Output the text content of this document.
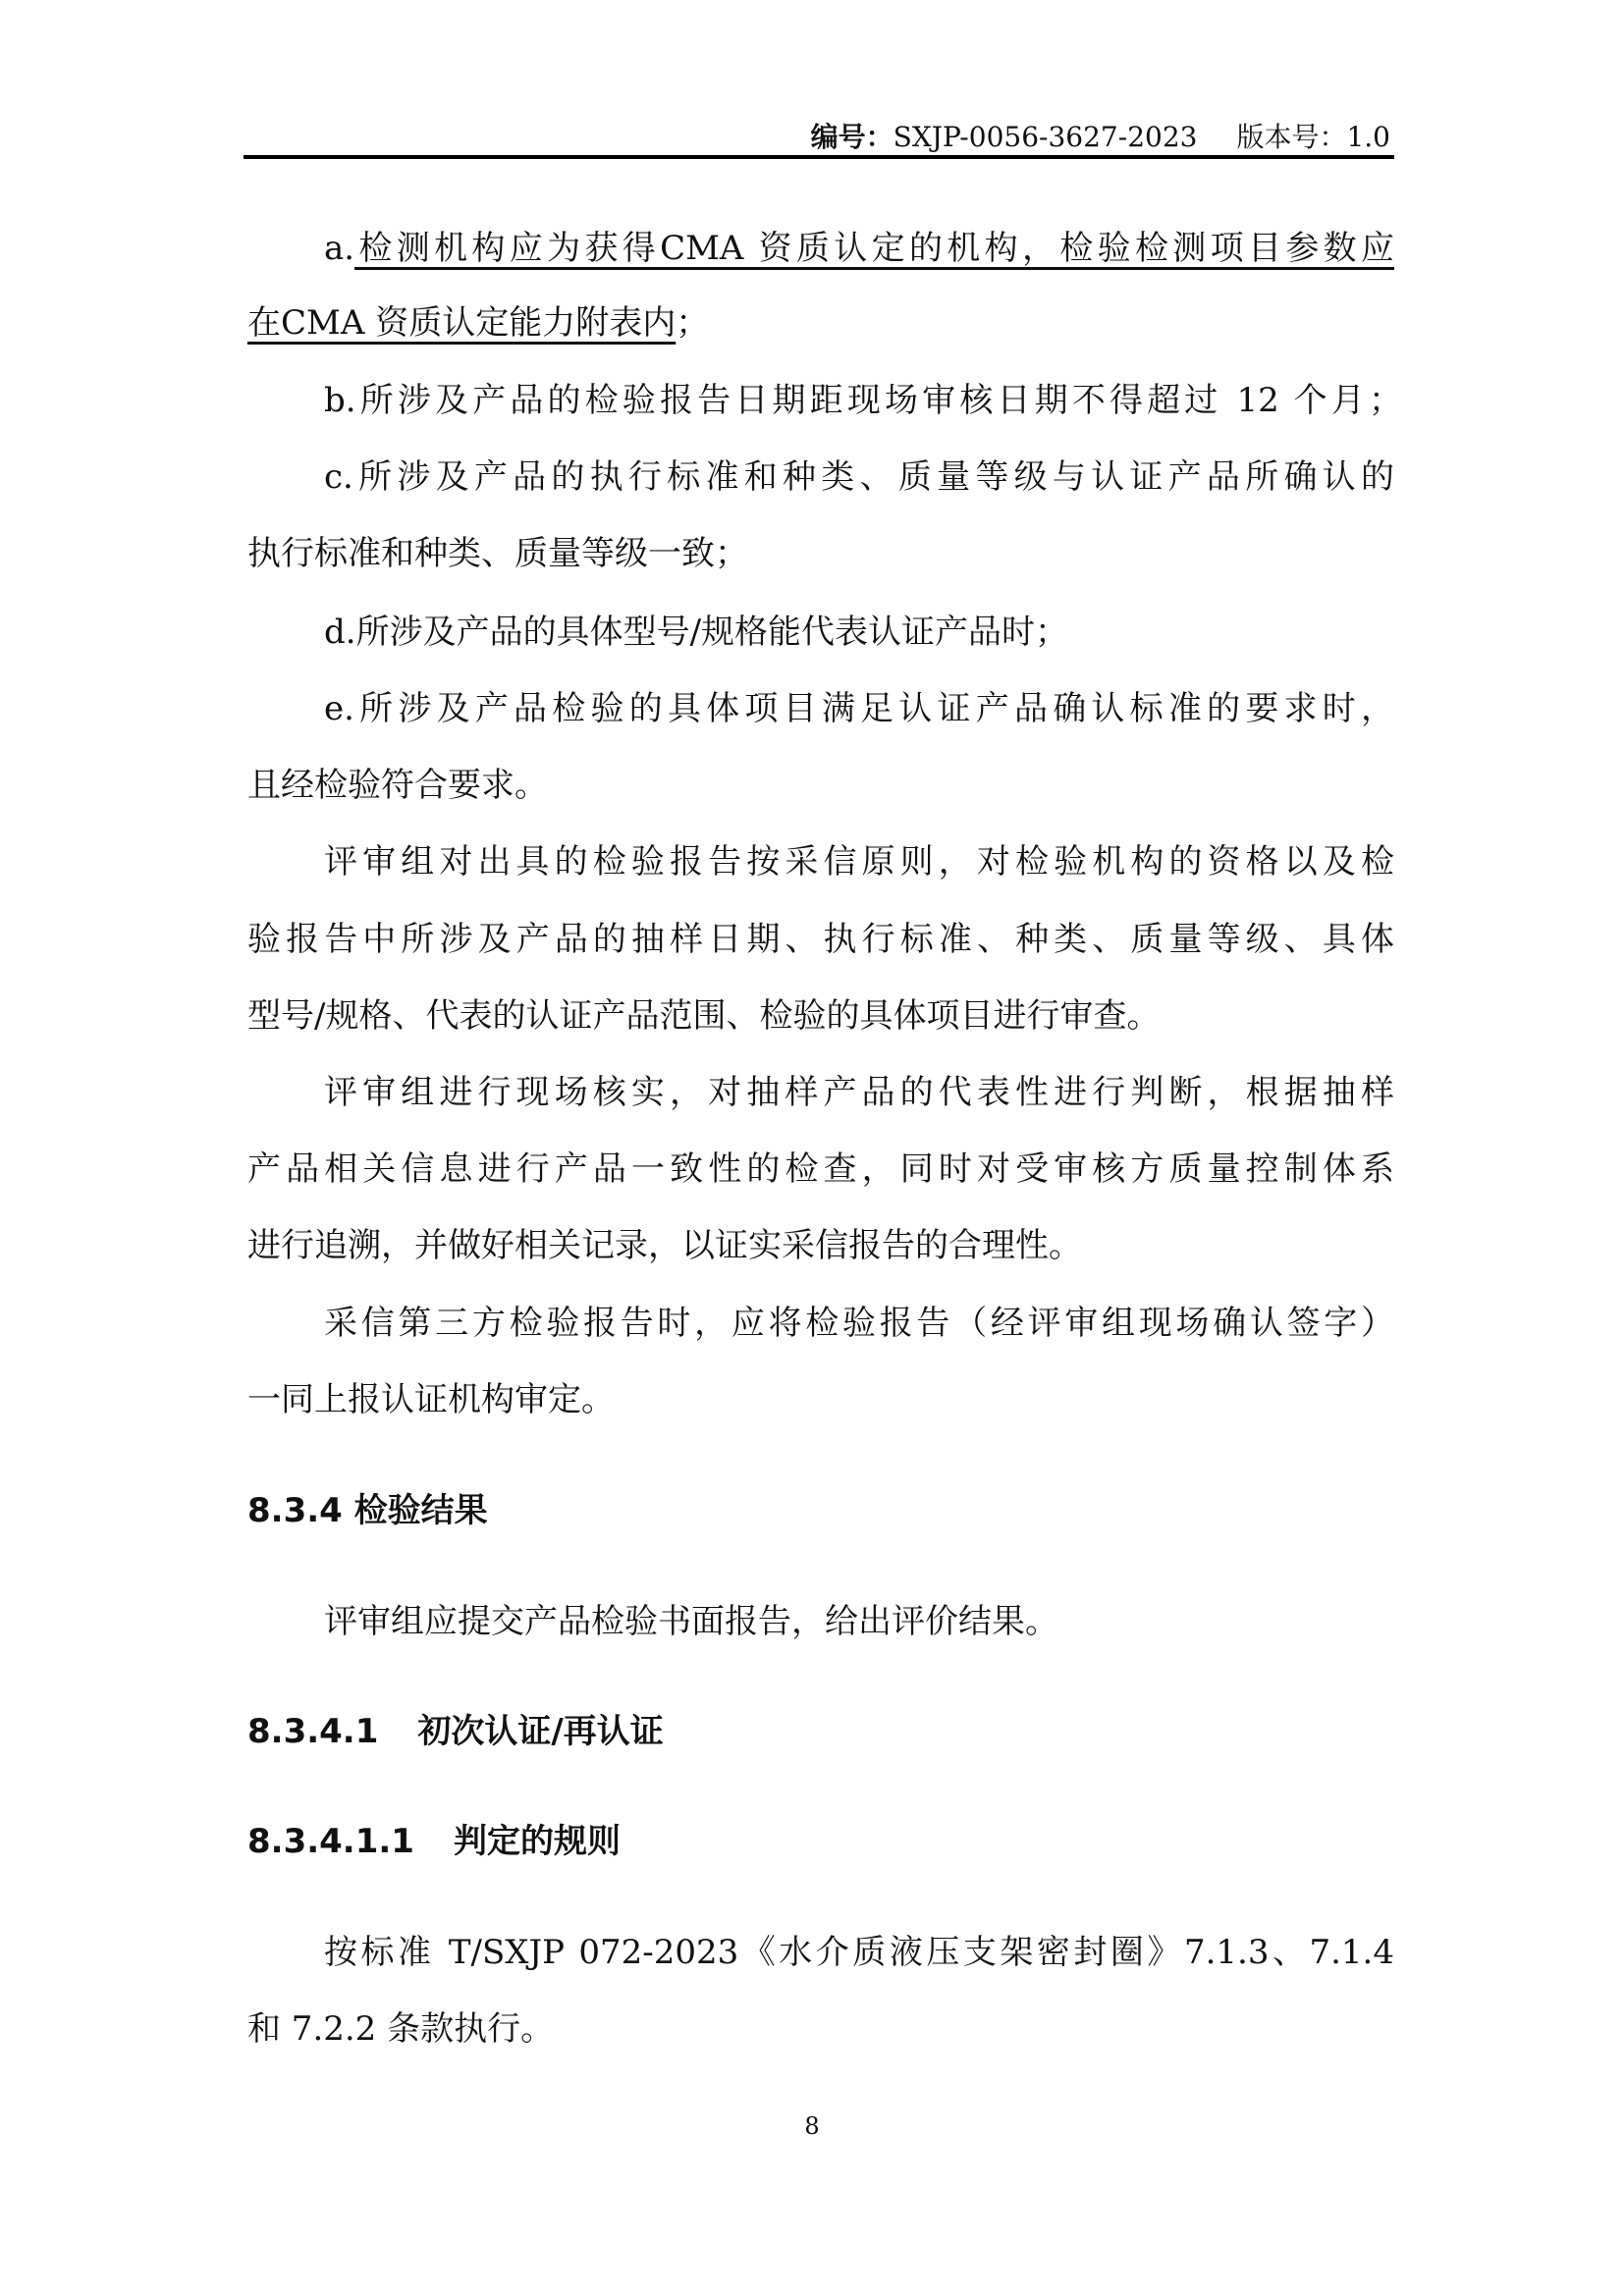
编号：SXJP-0056-3627-2023 版本号：1.0
a.检测机构应为获得CMA 资质认定的机构，检验检测项目参数应
在CMA 资质认定能力附表内；
b.所涉及产品的检验报告日期距现场审核日期不得超过 12 个月；
c.所涉及产品的执行标准和种类、质量等级与认证产品所确认的
执行标准和种类、质量等级一致；
d.所涉及产品的具体型号/规格能代表认证产品时；
e.所涉及产品检验的具体项目满足认证产品确认标准的要求时，
且经检验符合要求。
评审组对出具的检验报告按采信原则，对检验机构的资格以及检
验报告中所涉及产品的抽样日期、执行标准、种类、质量等级、具体
型号/规格、代表的认证产品范围、检验的具体项目进行审查。
评审组进行现场核实，对抽样产品的代表性进行判断，根据抽样
产品相关信息进行产品一致性的检查，同时对受审核方质量控制体系
进行追溯，并做好相关记录，以证实采信报告的合理性。
采信第三方检验报告时，应将检验报告（经评审组现场确认签字）
一同上报认证机构审定。
8.3.4 检验结果
评审组应提交产品检验书面报告，给出评价结果。
8.3.4.1 初次认证/再认证
8.3.4.1.1 判定的规则
按标准 T/SXJP 072-2023《水介质液压支架密封圈》7.1.3、7.1.4
和 7.2.2 条款执行。
8
